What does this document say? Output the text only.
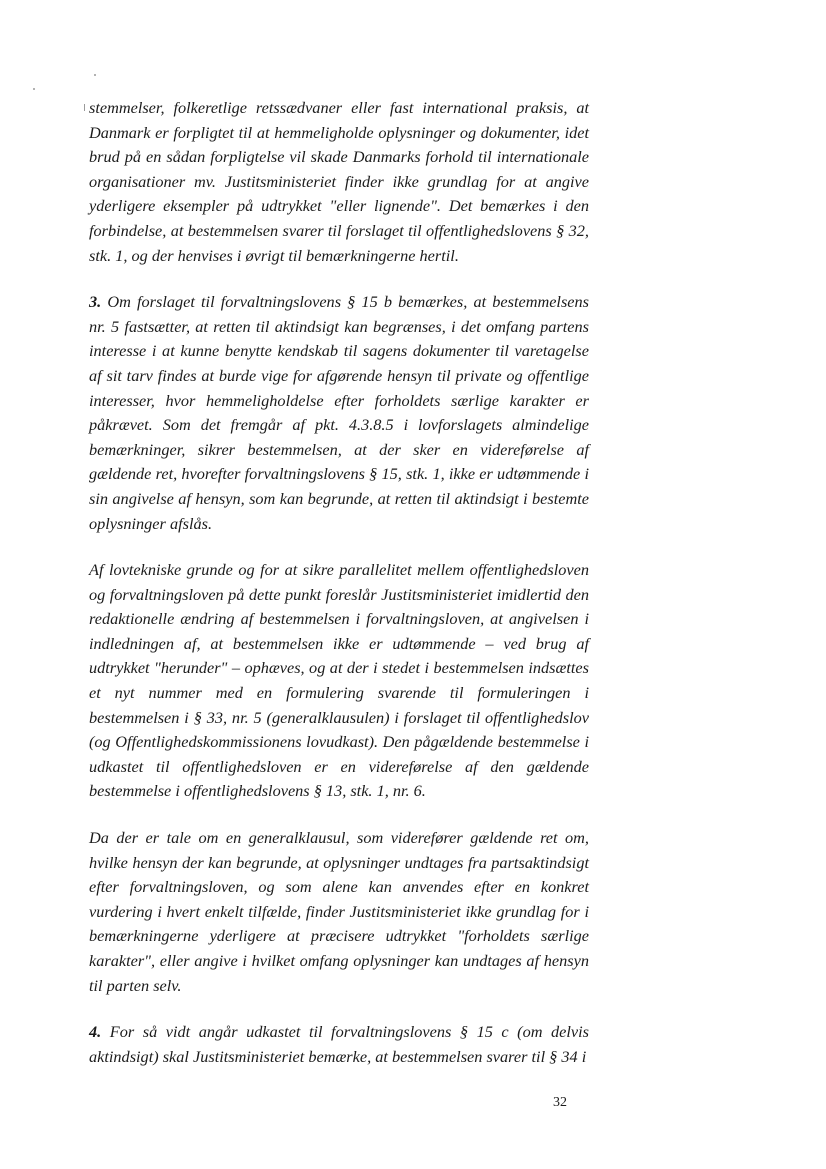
stemmelser, folkeretlige retssædvaner eller fast international praksis, at Danmark er forpligtet til at hemmeligholde oplysninger og dokumenter, idet brud på en sådan forpligtelse vil skade Danmarks forhold til internationale organisationer mv. Justitsministeriet finder ikke grundlag for at angive yderligere eksempler på udtrykket "eller lignende". Det bemærkes i den forbindelse, at bestemmelsen svarer til forslaget til offentlighedslovens § 32, stk. 1, og der henvises i øvrigt til bemærkningerne hertil.

3. Om forslaget til forvaltningslovens § 15 b bemærkes, at bestemmelsens nr. 5 fastsætter, at retten til aktindsigt kan begrænses, i det omfang partens interesse i at kunne benytte kendskab til sagens dokumenter til varetagelse af sit tarv findes at burde vige for afgørende hensyn til private og offentlige interesser, hvor hemmeligholdelse efter forholdets særlige karakter er påkrævet. Som det fremgår af pkt. 4.3.8.5 i lovforslagets almindelige bemærkninger, sikrer bestemmelsen, at der sker en videreførelse af gældende ret, hvorefter forvaltningslovens § 15, stk. 1, ikke er udtømmende i sin angivelse af hensyn, som kan begrunde, at retten til aktindsigt i bestemte oplysninger afslås.

Af lovtekniske grunde og for at sikre parallelitet mellem offentlighedsloven og forvaltningsloven på dette punkt foreslår Justitsministeriet imidlertid den redaktionelle ændring af bestemmelsen i forvaltningsloven, at angivelsen i indledningen af, at bestemmelsen ikke er udtømmende – ved brug af udtrykket "herunder" – ophæves, og at der i stedet i bestemmelsen indsættes et nyt nummer med en formulering svarende til formuleringen i bestemmelsen i § 33, nr. 5 (generalklausulen) i forslaget til offentlighedslov (og Offentlighedskommissionens lovudkast). Den pågældende bestemmelse i udkastet til offentlighedsloven er en videreførelse af den gældende bestemmelse i offentlighedslovens § 13, stk. 1, nr. 6.

Da der er tale om en generalklausul, som viderefører gældende ret om, hvilke hensyn der kan begrunde, at oplysninger undtages fra partsaktindsigt efter forvaltningsloven, og som alene kan anvendes efter en konkret vurdering i hvert enkelt tilfælde, finder Justitsministeriet ikke grundlag for i bemærkningerne yderligere at præcisere udtrykket "forholdets særlige karakter", eller angive i hvilket omfang oplysninger kan undtages af hensyn til parten selv.

4. For så vidt angår udkastet til forvaltningslovens § 15 c (om delvis aktindsigt) skal Justitsministeriet bemærke, at bestemmelsen svarer til § 34 i

32
